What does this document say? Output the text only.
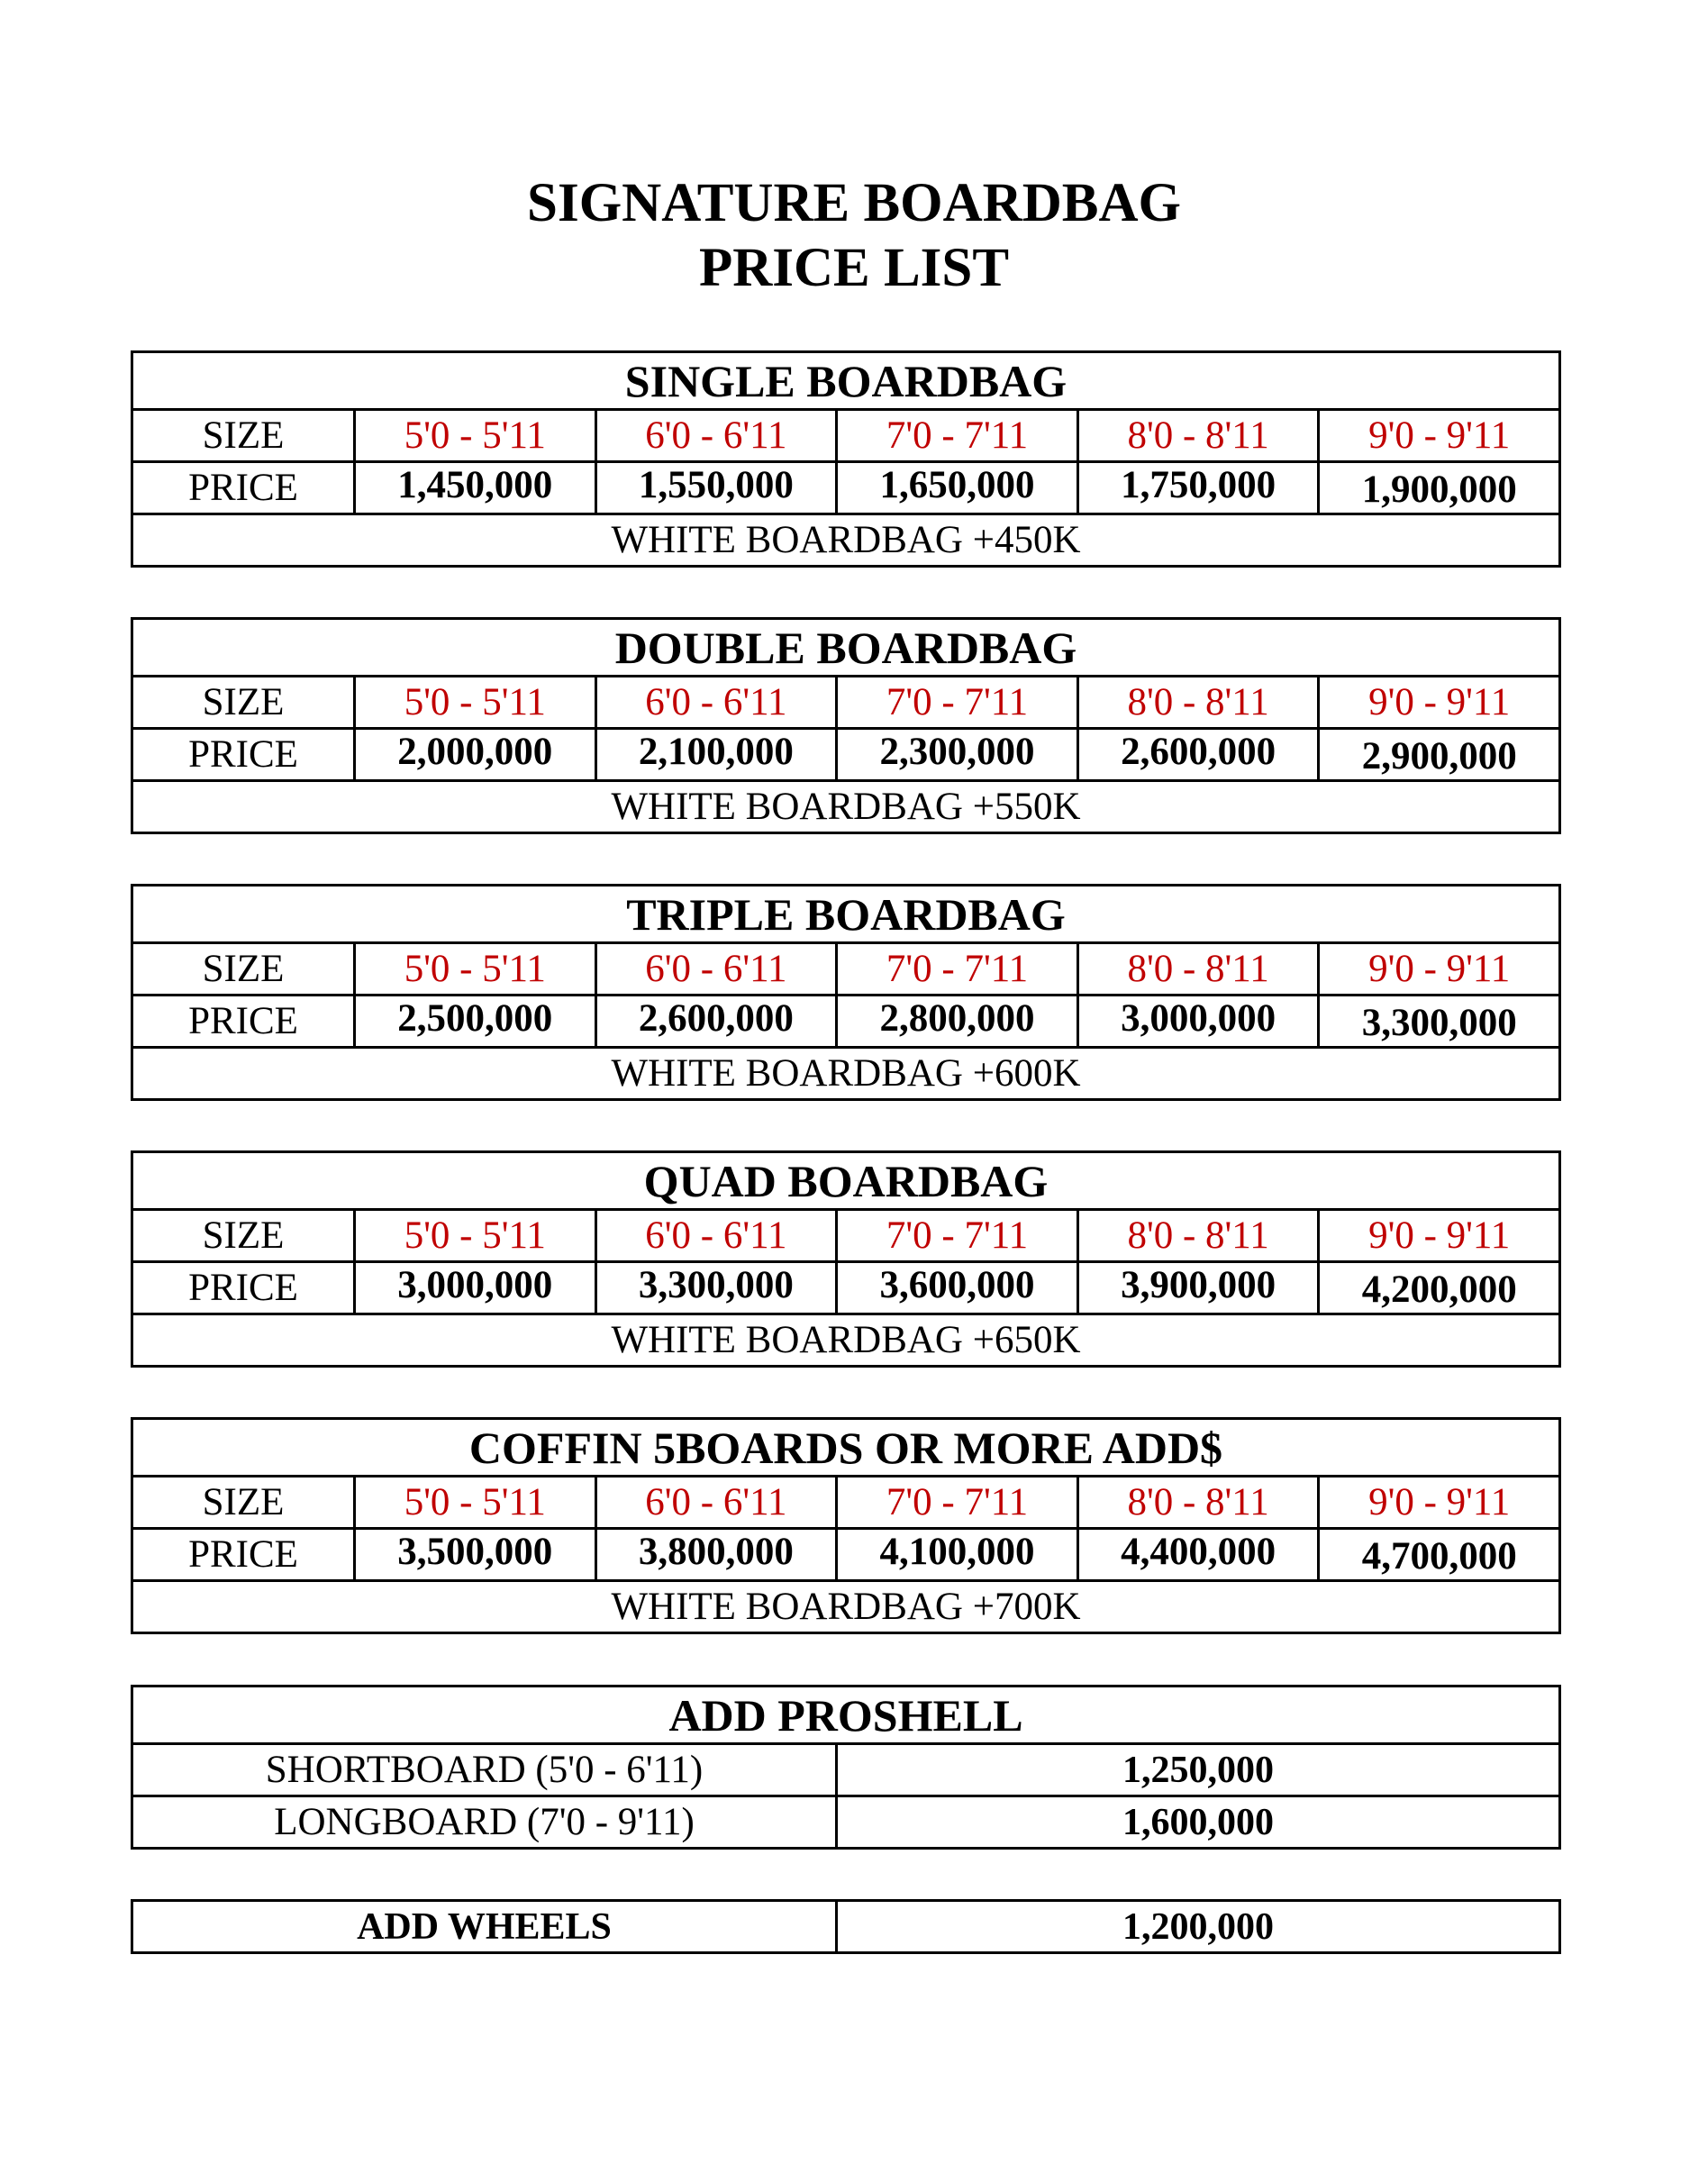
SIGNATURE BOARDBAG
PRICE LIST
SINGLE BOARDBAG					
SIZE	5'0 - 5'11	6'0 - 6'11	7'0 - 7'11	8'0 - 8'11	9'0 - 9'11
PRICE	1,450,000	1,550,000	1,650,000	1,750,000	1,900,000
WHITE BOARDBAG +450K					
DOUBLE BOARDBAG					
SIZE	5'0 - 5'11	6'0 - 6'11	7'0 - 7'11	8'0 - 8'11	9'0 - 9'11
PRICE	2,000,000	2,100,000	2,300,000	2,600,000	2,900,000
WHITE BOARDBAG +550K					
TRIPLE BOARDBAG					
SIZE	5'0 - 5'11	6'0 - 6'11	7'0 - 7'11	8'0 - 8'11	9'0 - 9'11
PRICE	2,500,000	2,600,000	2,800,000	3,000,000	3,300,000
WHITE BOARDBAG +600K					
QUAD BOARDBAG					
SIZE	5'0 - 5'11	6'0 - 6'11	7'0 - 7'11	8'0 - 8'11	9'0 - 9'11
PRICE	3,000,000	3,300,000	3,600,000	3,900,000	4,200,000
WHITE BOARDBAG +650K					
COFFIN 5BOARDS OR MORE ADD$					
SIZE	5'0 - 5'11	6'0 - 6'11	7'0 - 7'11	8'0 - 8'11	9'0 - 9'11
PRICE	3,500,000	3,800,000	4,100,000	4,400,000	4,700,000
WHITE BOARDBAG +700K					
ADD PROSHELL	
SHORTBOARD (5'0 - 6'11)	1,250,000
LONGBOARD (7'0 - 9'11)	1,600,000
ADD WHEELS	1,200,000
